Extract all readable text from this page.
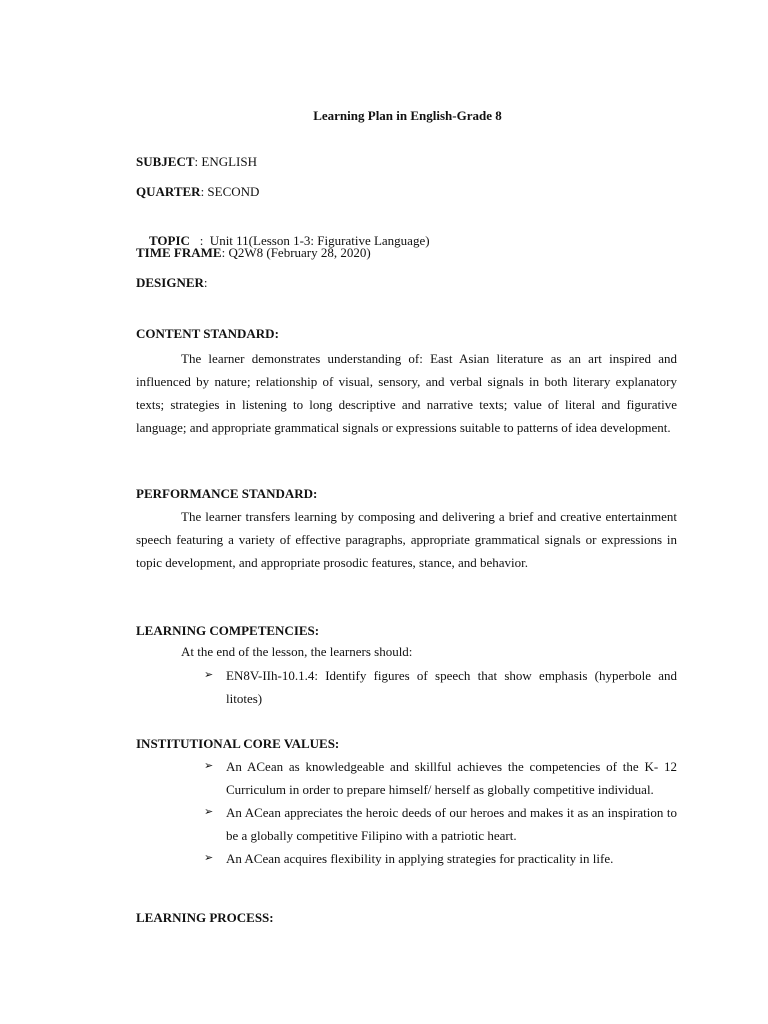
Learning Plan in English-Grade 8
SUBJECT: ENGLISH
QUARTER: SECOND

TOPIC   :  Unit 11(Lesson 1-3: Figurative Language)

TIME FRAME: Q2W8 (February 28, 2020)
DESIGNER:
CONTENT STANDARD:
The learner demonstrates understanding of: East Asian literature as an art inspired and influenced by nature; relationship of visual, sensory, and verbal signals in both literary explanatory texts; strategies in listening to long descriptive and narrative texts; value of literal and figurative language; and appropriate grammatical signals or expressions suitable to patterns of idea development.
PERFORMANCE STANDARD:
The learner transfers learning by composing and delivering a brief and creative entertainment speech featuring a variety of effective paragraphs, appropriate grammatical signals or expressions in topic development, and appropriate prosodic features, stance, and behavior.
LEARNING COMPETENCIES:
At the end of the lesson, the learners should:
➢ EN8V-IIh-10.1.4: Identify figures of speech that show emphasis (hyperbole and litotes)
INSTITUTIONAL CORE VALUES:
➢ An ACean as knowledgeable and skillful achieves the competencies of the K- 12 Curriculum in order to prepare himself/ herself as globally competitive individual.
➢ An ACean appreciates the heroic deeds of our heroes and makes it as an inspiration to be a globally competitive Filipino with a patriotic heart.
➢ An ACean acquires flexibility in applying strategies for practicality in life.
LEARNING PROCESS:
